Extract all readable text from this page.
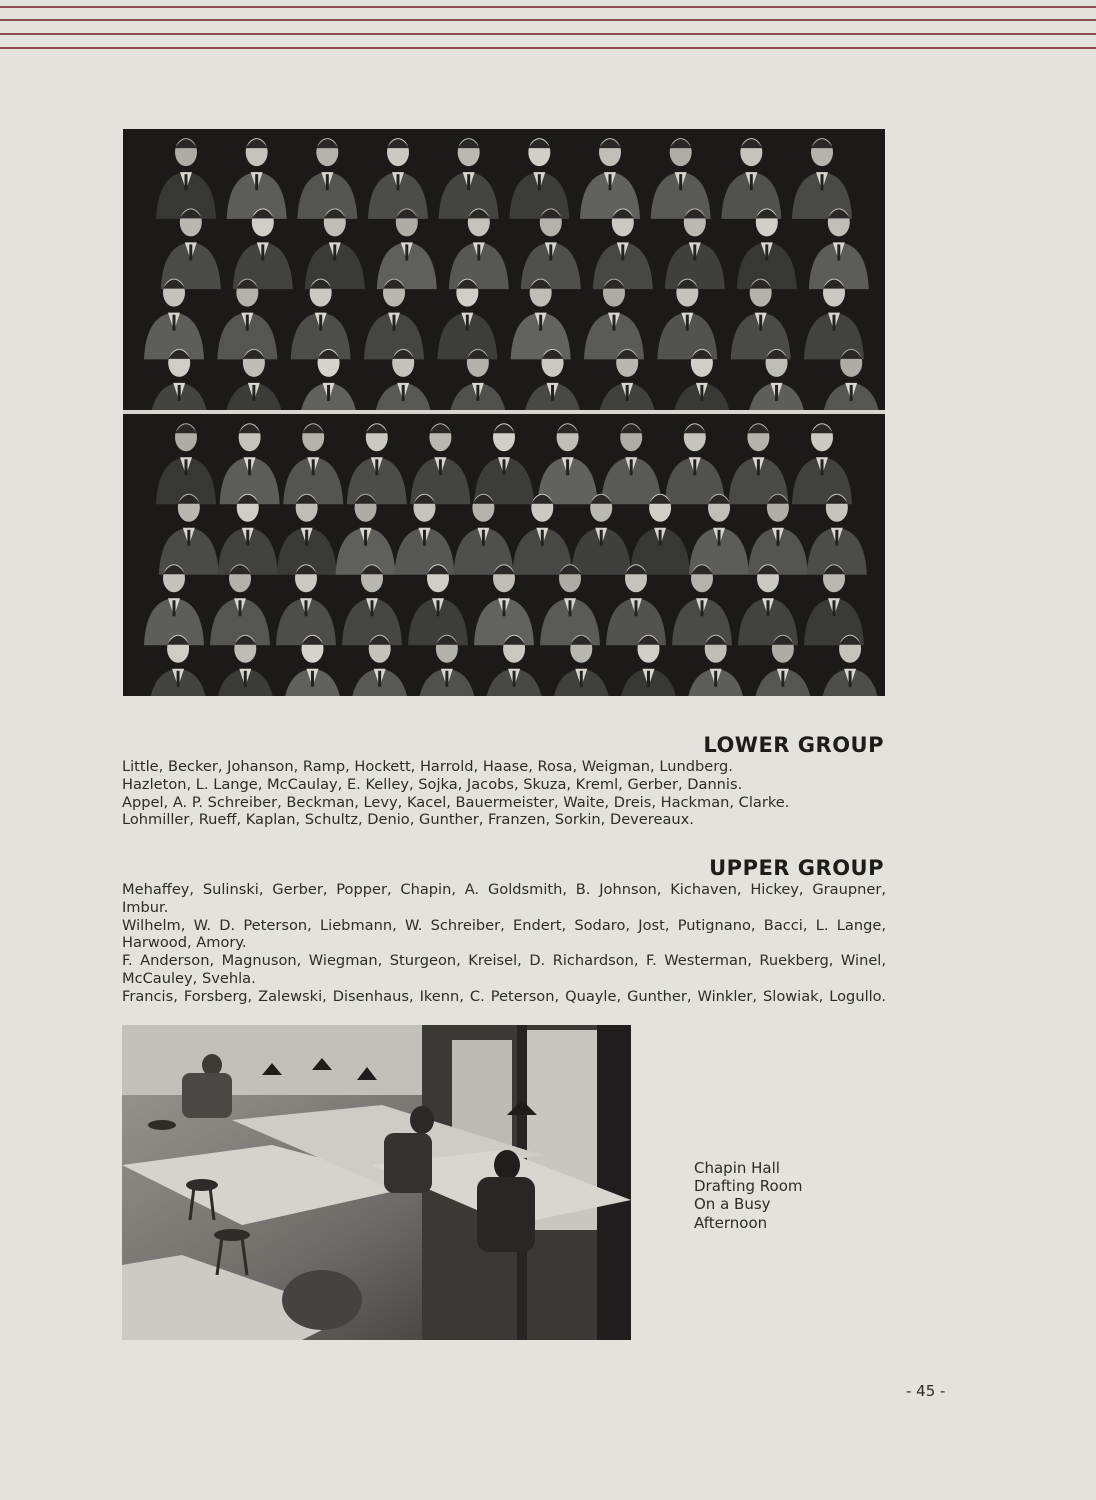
LOWER GROUP

Little, Becker, Johanson, Ramp, Hockett, Harrold, Haase, Rosa, Weigman, Lundberg.

Hazleton, L. Lange, McCaulay, E. Kelley, Sojka, Jacobs, Skuza, Kreml, Gerber, Dannis.

Appel, A. P. Schreiber, Beckman, Levy, Kacel, Bauermeister, Waite, Dreis, Hackman, Clarke.

Lohmiller, Rueff, Kaplan, Schultz, Denio, Gunther, Franzen, Sorkin, Devereaux.

UPPER GROUP

Mehaffey, Sulinski, Gerber, Popper, Chapin, A. Goldsmith, B. Johnson, Kichaven, Hickey, Graupner, Imbur.

Wilhelm, W. D. Peterson, Liebmann, W. Schreiber, Endert, Sodaro, Jost, Putignano, Bacci, L. Lange, Harwood, Amory.

F. Anderson, Magnuson, Wiegman, Sturgeon, Kreisel, D. Richardson, F. Westerman, Ruekberg, Winel, McCauley, Svehla.

Francis, Forsberg, Zalewski, Disenhaus, Ikenn, C. Peterson, Quayle, Gunther, Winkler, Slowiak, Logullo.

Chapin Hall
Drafting Room
On a Busy
Afternoon
- 45 -
